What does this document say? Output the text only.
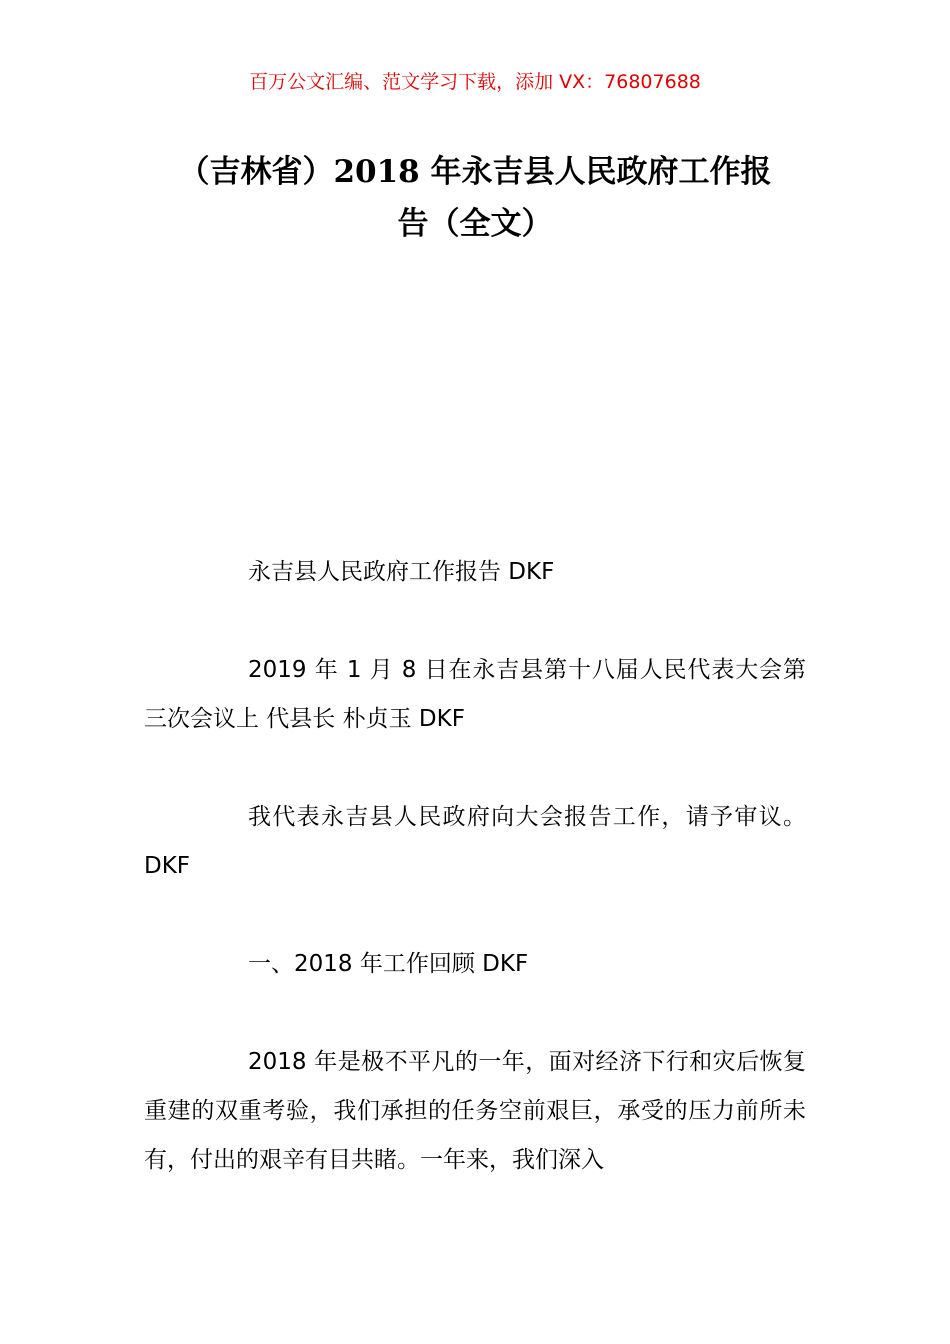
百万公文汇编、范文学习下载，添加 VX：76807688
（吉林省）2018 年永吉县人民政府工作报
告（全文）

永吉县人民政府工作报告 DKF

2019 年 1 月 8 日在永吉县第十八届人民代表大会第三次会议上 代县长 朴贞玉 DKF

我代表永吉县人民政府向大会报告工作，请予审议。DKF

一、2018 年工作回顾 DKF

2018 年是极不平凡的一年，面对经济下行和灾后恢复重建的双重考验，我们承担的任务空前艰巨，承受的压力前所未有，付出的艰辛有目共睹。一年来，我们深入
